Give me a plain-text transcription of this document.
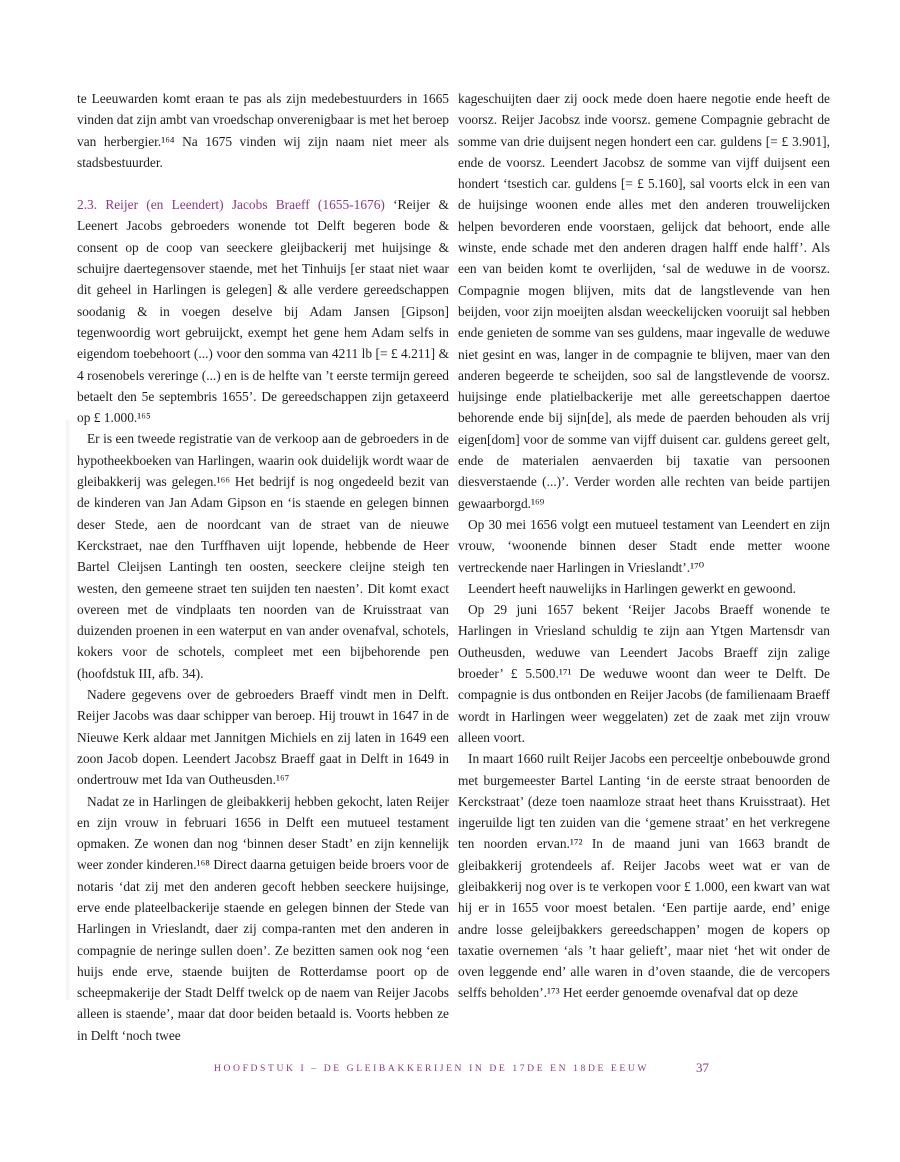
te Leeuwarden komt eraan te pas als zijn medebestuurders in 1665 vinden dat zijn ambt van vroedschap onverenigbaar is met het beroep van herbergier.¹⁶⁴ Na 1675 vinden wij zijn naam niet meer als stadsbestuurder.

2.3. Reijer (en Leendert) Jacobs Braeff (1655-1676) ‘Reijer & Leenert Jacobs gebroeders wonende tot Delft begeren bode & consent op de coop van seeckere gleijbackerij met huijsinge & schuijre daertegensover staende, met het Tinhuijs [er staat niet waar dit geheel in Harlingen is gelegen] & alle verdere gereedschappen soodanig & in voegen deselve bij Adam Jansen [Gipson] tegenwoordig wort gebruijckt, exempt het gene hem Adam selfs in eigendom toebehoort (...) voor den somma van 4211 lb [= £ 4.211] & 4 rosenobels vereringe (...) en is de helfte van ’t eerste termijn gereed betaelt den 5e septembris 1655’. De gereedschappen zijn getaxeerd op £ 1.000.¹⁶⁵

Er is een tweede registratie van de verkoop aan de gebroeders in de hypotheekboeken van Harlingen, waarin ook duidelijk wordt waar de gleibakkerij was gelegen.¹⁶⁶ Het bedrijf is nog ongedeeld bezit van de kinderen van Jan Adam Gipson en ‘is staende en gelegen binnen deser Stede, aen de noordcant van de straet van de nieuwe Kerckstraet, nae den Turffhaven uijt lopende, hebbende de Heer Bartel Cleijsen Lantingh ten oosten, seeckere cleijne steigh ten westen, den gemeene straet ten suijden ten naesten’. Dit komt exact overeen met de vindplaats ten noorden van de Kruisstraat van duizenden proenen in een waterput en van ander ovenafval, schotels, kokers voor de schotels, compleet met een bijbehorende pen (hoofdstuk III, afb. 34).

Nadere gegevens over de gebroeders Braeff vindt men in Delft. Reijer Jacobs was daar schipper van beroep. Hij trouwt in 1647 in de Nieuwe Kerk aldaar met Jannitgen Michiels en zij laten in 1649 een zoon Jacob dopen. Leendert Jacobsz Braeff gaat in Delft in 1649 in ondertrouw met Ida van Outheusden.¹⁶⁷

Nadat ze in Harlingen de gleibakkerij hebben gekocht, laten Reijer en zijn vrouw in februari 1656 in Delft een mutueel testament opmaken. Ze wonen dan nog ‘binnen deser Stadt’ en zijn kennelijk weer zonder kinderen.¹⁶⁸ Direct daarna getuigen beide broers voor de notaris ‘dat zij met den anderen gecoft hebben seeckere huijsinge, erve ende plateelbackerije staende en gelegen binnen der Stede van Harlingen in Vrieslandt, daer zij compa-ranten met den anderen in compagnie de neringe sullen doen’. Ze bezitten samen ook nog ‘een huijs ende erve, staende buijten de Rotterdamse poort op de scheepmakerije der Stadt Delff twelck op de naem van Reijer Jacobs alleen is staende’, maar dat door beiden betaald is. Voorts hebben ze in Delft ‘noch twee

kageschuijten daer zij oock mede doen haere negotie ende heeft de voorsz. Reijer Jacobsz inde voorsz. gemene Compagnie gebracht de somme van drie duijsent negen hondert een car. guldens [= £ 3.901], ende de voorsz. Leendert Jacobsz de somme van vijff duijsent een hondert ‘tsestich car. guldens [= £ 5.160], sal voorts elck in een van de huijsinge woonen ende alles met den anderen trouwelijcken helpen bevorderen ende voorstaen, gelijck dat behoort, ende alle winste, ende schade met den anderen dragen halff ende halff’. Als een van beiden komt te overlijden, ‘sal de weduwe in de voorsz. Compagnie mogen blijven, mits dat de langstlevende van hen beijden, voor zijn moeijten alsdan weeckelijcken vooruijt sal hebben ende genieten de somme van ses guldens, maar ingevalle de weduwe niet gesint en was, langer in de compagnie te blijven, maer van den anderen begeerde te scheijden, soo sal de langstlevende de voorsz. huijsinge ende platielbackerije met alle gereetschappen daertoe behorende ende bij sijn[de], als mede de paerden behouden als vrij eigen[dom] voor de somme van vijff duisent car. guldens gereet gelt, ende de materialen aenvaerden bij taxatie van persoonen diesverstaende (...)’. Verder worden alle rechten van beide partijen gewaarborgd.¹⁶⁹

Op 30 mei 1656 volgt een mutueel testament van Leendert en zijn vrouw, ‘woonende binnen deser Stadt ende metter woone vertreckende naer Harlingen in Vrieslandt’.¹⁷⁰

Leendert heeft nauwelijks in Harlingen gewerkt en gewoond.

Op 29 juni 1657 bekent ‘Reijer Jacobs Braeff wonende te Harlingen in Vriesland schuldig te zijn aan Ytgen Martensdr van Outheusden, weduwe van Leendert Jacobs Braeff zijn zalige broeder’ £ 5.500.¹⁷¹ De weduwe woont dan weer te Delft. De compagnie is dus ontbonden en Reijer Jacobs (de familienaam Braeff wordt in Harlingen weer weggelaten) zet de zaak met zijn vrouw alleen voort.

In maart 1660 ruilt Reijer Jacobs een perceeltje onbebouwde grond met burgemeester Bartel Lanting ‘in de eerste straat benoorden de Kerckstraat’ (deze toen naamloze straat heet thans Kruisstraat). Het ingeruilde ligt ten zuiden van die ‘gemene straat’ en het verkregene ten noorden ervan.¹⁷² In de maand juni van 1663 brandt de gleibakkerij grotendeels af. Reijer Jacobs weet wat er van de gleibakkerij nog over is te verkopen voor £ 1.000, een kwart van wat hij er in 1655 voor moest betalen. ‘Een partije aarde, end’ enige andre losse geleijbakkers gereedschappen’ mogen de kopers op taxatie overnemen ‘als ’t haar gelieft’, maar niet ‘het wit onder de oven leggende end’ alle waren in d’oven staande, die de vercopers selffs beholden’.¹⁷³ Het eerder genoemde ovenafval dat op deze

HOOFDSTUK I – DE GLEIBAKKERIJEN IN DE 17DE EN 18DE EEUW	37
